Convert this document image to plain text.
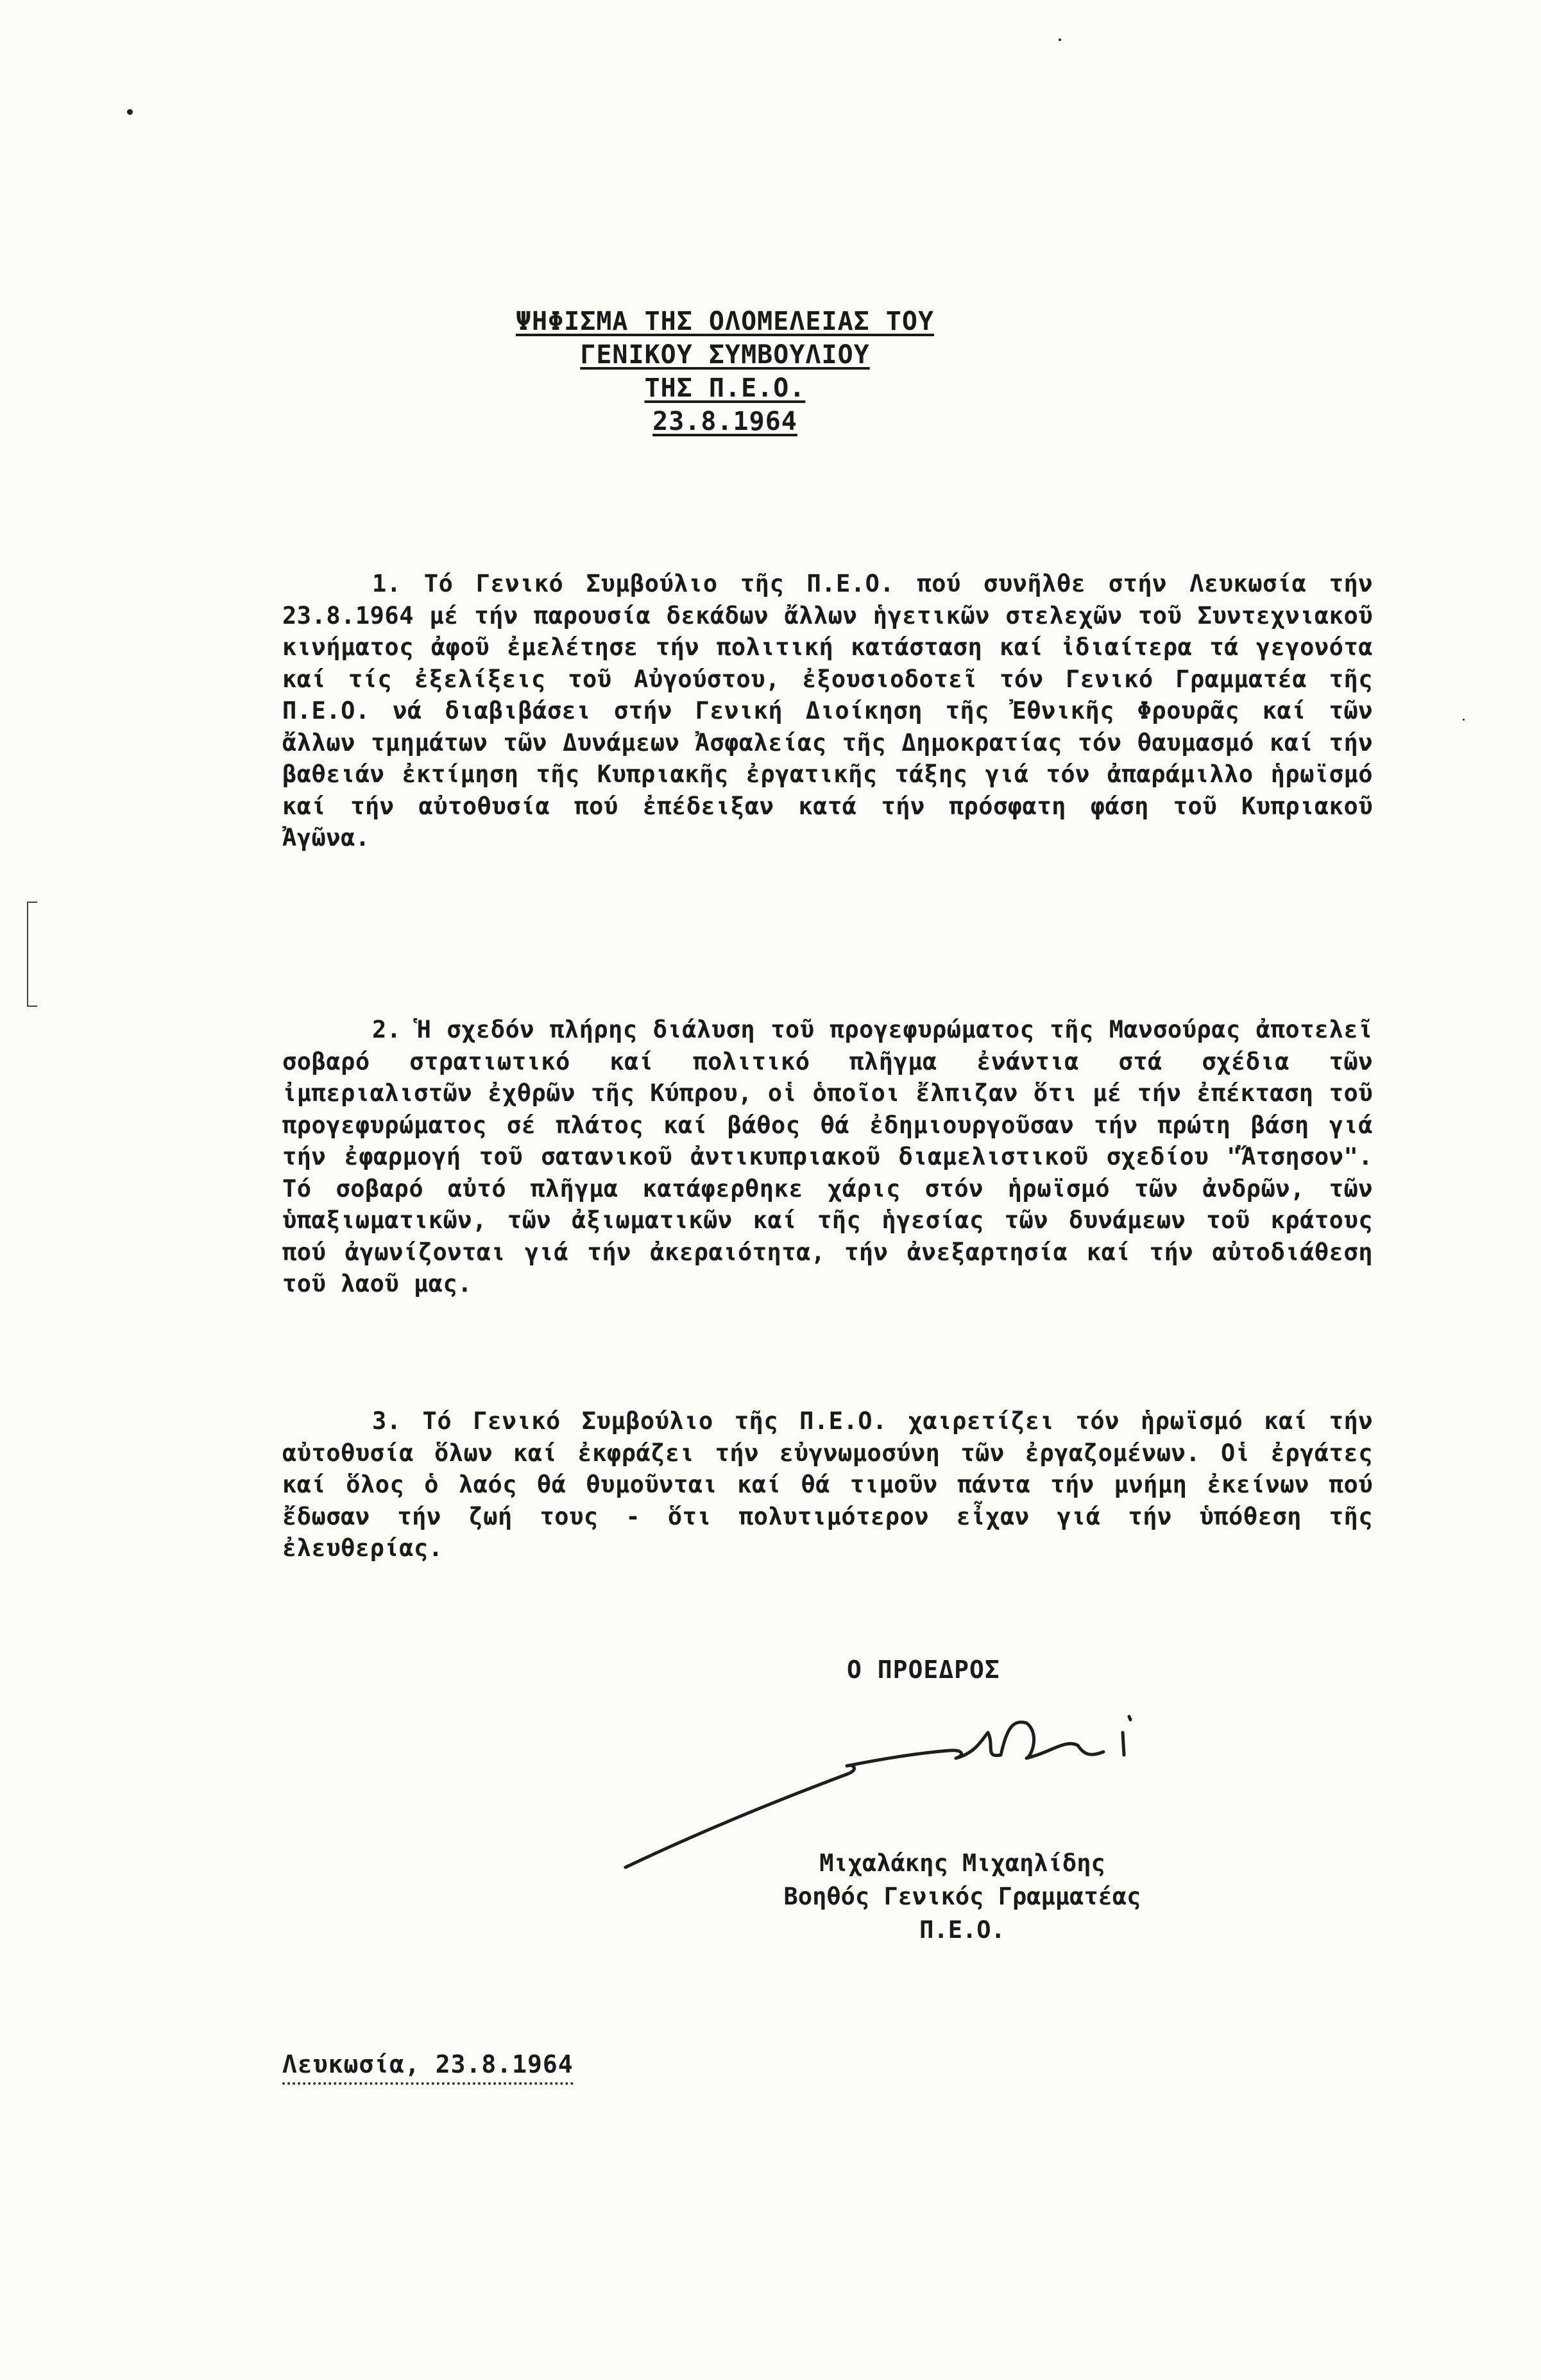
ΨΗΦΙΣΜΑ ΤΗΣ ΟΛΟΜΕΛΕΙΑΣ ΤΟΥ
ΓΕΝΙΚΟΥ ΣΥΜΒΟΥΛΙΟΥ
ΤΗΣ Π.Ε.Ο.
23.8.1964

1. Τό Γενικό Συμβούλιο τῆς Π.Ε.Ο. πού συνῆλθε στήν Λευκωσία τήν 23.8.1964 μέ τήν παρουσία δεκάδων ἄλλων ἡγετικῶν στελεχῶν τοῦ Συντεχνιακοῦ κινήματος ἀφοῦ ἐμελέτησε τήν πολιτική κατάσταση καί ἰδιαίτερα τά γεγονότα καί τίς ἐξελίξεις τοῦ Αὐγούστου, ἐξουσιοδοτεῖ τόν Γενικό Γραμματέα τῆς Π.Ε.Ο. νά διαβιβάσει στήν Γενική Διοίκηση τῆς Ἐθνικῆς Φρουρᾶς καί τῶν ἄλλων τμημάτων τῶν Δυνάμεων Ἀσφαλείας τῆς Δημοκρατίας τόν θαυμασμό καί τήν βαθειάν ἐκτίμηση τῆς Κυπριακῆς ἐργατικῆς τάξης γιά τόν ἀπαράμιλλο ἡρωϊσμό καί τήν αὐτοθυσία πού ἐπέδειξαν κατά τήν πρόσφατη φάση τοῦ Κυπριακοῦ Ἀγῶνα.

2. Ἡ σχεδόν πλήρης διάλυση τοῦ προγεφυρώματος τῆς Μανσούρας ἀποτελεῖ σοβαρό στρατιωτικό καί πολιτικό πλῆγμα ἐνάντια στά σχέδια τῶν ἰμπεριαλιστῶν ἐχθρῶν τῆς Κύπρου, οἱ ὁποῖοι ἔλπιζαν ὅτι μέ τήν ἐπέκταση τοῦ προγεφυρώματος σέ πλάτος καί βάθος θά ἐδημιουργοῦσαν τήν πρώτη βάση γιά τήν ἐφαρμογή τοῦ σατανικοῦ ἀντικυπριακοῦ διαμελιστικοῦ σχεδίου "Ἄτσησον". Τό σοβαρό αὐτό πλῆγμα κατάφερθηκε χάρις στόν ἡρωϊσμό τῶν ἀνδρῶν, τῶν ὑπαξιωματικῶν, τῶν ἀξιωματικῶν καί τῆς ἡγεσίας τῶν δυνάμεων τοῦ κράτους πού ἀγωνίζονται γιά τήν ἀκεραιότητα, τήν ἀνεξαρτησία καί τήν αὐτοδιάθεση τοῦ λαοῦ μας.

3. Τό Γενικό Συμβούλιο τῆς Π.Ε.Ο. χαιρετίζει τόν ἡρωϊσμό καί τήν αὐτοθυσία ὅλων καί ἐκφράζει τήν εὐγνωμοσύνη τῶν ἐργαζομένων. Οἱ ἐργάτες καί ὅλος ὁ λαός θά θυμοῦνται καί θά τιμοῦν πάντα τήν μνήμη ἐκείνων πού ἔδωσαν τήν ζωή τους - ὅτι πολυτιμότερον εἶχαν γιά τήν ὑπόθεση τῆς ἐλευθερίας.

Ο ΠΡΟΕΔΡΟΣ
Μιχαλάκης Μιχαηλίδης
Βοηθός Γενικός Γραμματέας
Π.Ε.Ο.
Λευκωσία, 23.8.1964
